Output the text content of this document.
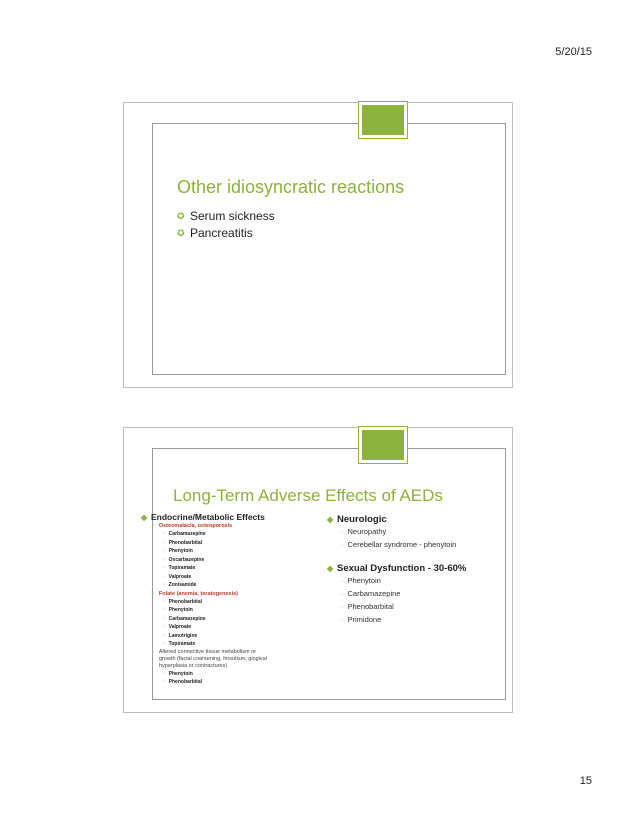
5/20/15
Other idiosyncratic reactions
✪ Serum sickness
✪ Pancreatitis
Long-Term Adverse Effects of AEDs
◆ Endocrine/Metabolic Effects
· Osteomalacia, osteoporosis
· Carbamazepine
· Phenobarbital
· Phenytoin
· Oxcarbazepine
· Topiramate
· Valproate
· Zonisamide
· Folate (anemia, teratogenesis)
· Phenobarbital
· Phenytoin
· Carbamazepine
· Valproate
· Lamotrigine
· Topiramate
· Altered connective tissue metabolism or
growth (facial coarsening, hirsutism, gingival
hyperplasia or contractures)
· Phenytoin
· Phenobarbital
◆ Neurologic
· Neuropathy
· Cerebellar syndrome - phenytoin
◆ Sexual Dysfunction - 30-60%
· Phenytoin
· Carbamazepine
· Phenobarbital
· Primidone
15
